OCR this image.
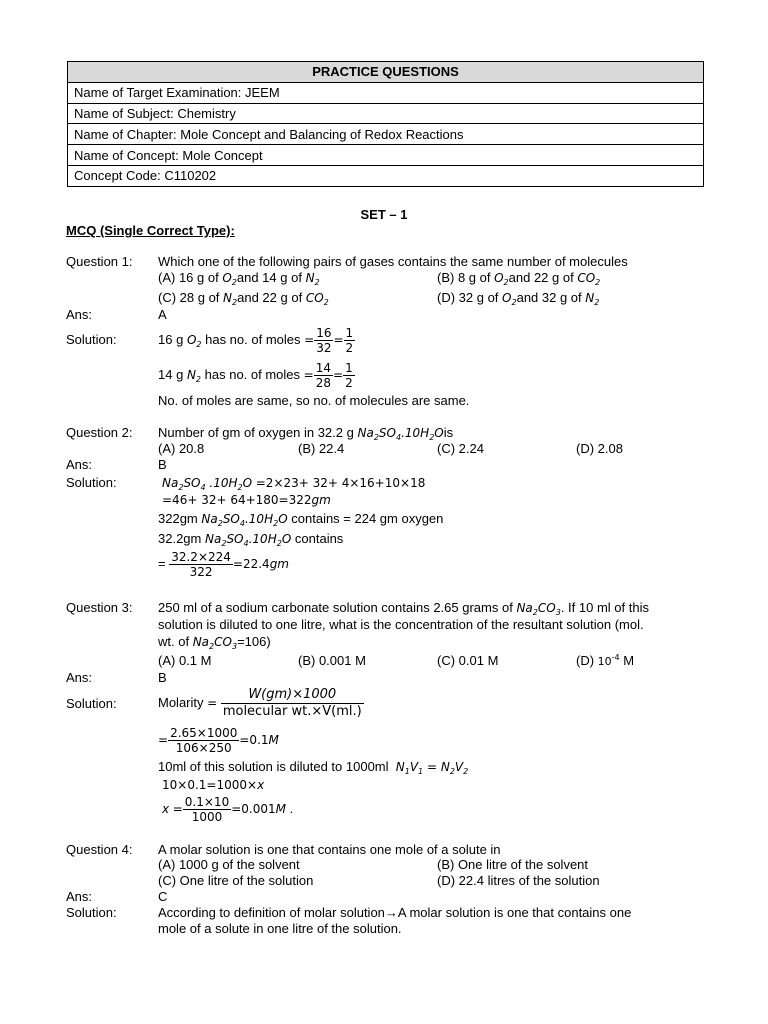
PRACTICE QUESTIONS
Name of Target Examination: JEEM
Name of Subject: Chemistry
Name of Chapter: Mole Concept and Balancing of Redox Reactions
Name of Concept: Mole Concept
Concept Code: C110202
SET – 1
MCQ (Single Correct Type):
Question 1: Which one of the following pairs of gases contains the same number of molecules
(A) 16 g of $O_2and$ 14 g of $N_2$	(B) 8 g of $O_2and$ 22 g of $CO_2$
(C) 28 g of $N_2and$ 22 g of $CO_2$	(D) 32 g of $O_2and$ 32 g of $N_2$
Ans:	A
Solution:	16 g $O_2$ has no. of moles = $\frac{16}{32} = \frac{1}{2}$
14 g $N_2$ has no. of moles = $\frac{14}{28} = \frac{1}{2}$
No. of moles are same, so no. of molecules are same.
Question 2: Number of gm of oxygen in 32.2 g $Na_2SO_4.10H_2Ois$
(A) 20.8	(B) 22.4	(C) 2.24	(D) 2.08
Ans:	B
Solution:	$Na_2SO_4$ $.10H_2O =2\times 23+ 32+ 4\times 16+10\times 18$
=46+ 32+ 64+180=322gm
322gm $Na_2SO_4.10H_2O$ contains = 224 gm oxygen
32.2gm $Na_2SO_4.10H_2O$ contains
= $\frac{32.2\times 224}{322} =22.4gm$
Question 3: 250 ml of a sodium carbonate solution contains 2.65 grams of $Na_2CO_3$. If 10 ml of this
solution is diluted to one litre, what is the concentration of the resultant solution (mol.
wt. of $Na_2CO_3=106$)
(A) 0.1 M	(B) 0.001 M	(C) 0.01 M	(D) $10^{-4}$ M
Ans:	B
Solution:	Molarity = $\frac{W(gm)\times 1000}{\text{molecular wt.×V(ml.)}}$
= $\frac{2.65\times 1000}{106\times 250} =0.1M$
10ml of this solution is diluted to 1000ml $N_1V_1 = N_2V_2$
10×0.1=1000×x
$x = \frac{0.1\times 10}{1000} =0.001M$ .
Question 4: A molar solution is one that contains one mole of a solute in
(A) 1000 g of the solvent	(B) One litre of the solvent
(C) One litre of the solution	(D) 22.4 litres of the solution
Ans:	C
Solution:	According to definition of molar solution→A molar solution is one that contains one
mole of a solute in one litre of the solution.
